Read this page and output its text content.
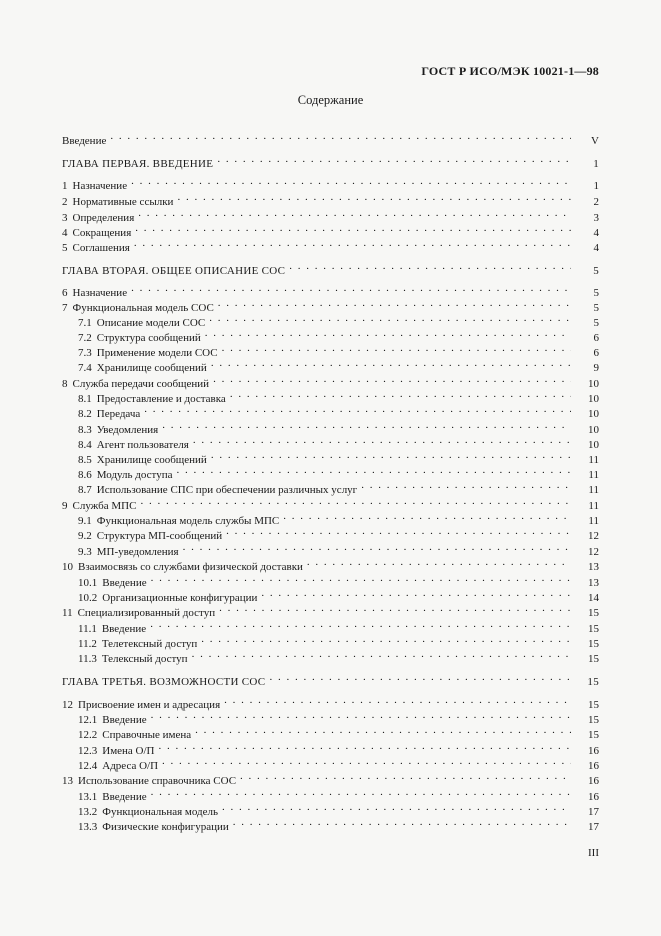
ГОСТ Р ИСО/МЭК 10021-1—98
Содержание
Введение . . .	V
ГЛАВА ПЕРВАЯ. ВВЕДЕНИЕ . . .	1
1 Назначение . . .	1
2 Нормативные ссылки . . .	2
3 Определения . . .	3
4 Сокращения . . .	4
5 Соглашения . . .	4
ГЛАВА ВТОРАЯ. ОБЩЕЕ ОПИСАНИЕ СОС . . .	5
6 Назначение . . .	5
7 Функциональная модель СОС . . .	5
7.1 Описание модели СОС . . .	5
7.2 Структура сообщений . . .	6
7.3 Применение модели СОС . . .	6
7.4 Хранилище сообщений . . .	9
8 Служба передачи сообщений . . .	10
8.1 Предоставление и доставка . . .	10
8.2 Передача . . .	10
8.3 Уведомления . . .	10
8.4 Агент пользователя . . .	10
8.5 Хранилище сообщений . . .	11
8.6 Модуль доступа . . .	11
8.7 Использование СПС при обеспечении различных услуг . . .	11
9 Служба МПС . . .	11
9.1 Функциональная модель службы МПС . . .	11
9.2 Структура МП-сообщений . . .	12
9.3 МП-уведомления . . .	12
10 Взаимосвязь со службами физической доставки . . .	13
10.1 Введение . . .	13
10.2 Организационные конфигурации . . .	14
11 Специализированный доступ . . .	15
11.1 Введение . . .	15
11.2 Телетексный доступ . . .	15
11.3 Телексный доступ . . .	15
ГЛАВА ТРЕТЬЯ. ВОЗМОЖНОСТИ СОС . . .	15
12 Присвоение имен и адресация . . .	15
12.1 Введение . . .	15
12.2 Справочные имена . . .	15
12.3 Имена О/П . . .	16
12.4 Адреса О/П . . .	16
13 Использование справочника СОС . . .	16
13.1 Введение . . .	16
13.2 Функциональная модель . . .	17
13.3 Физические конфигурации . . .	17
III
